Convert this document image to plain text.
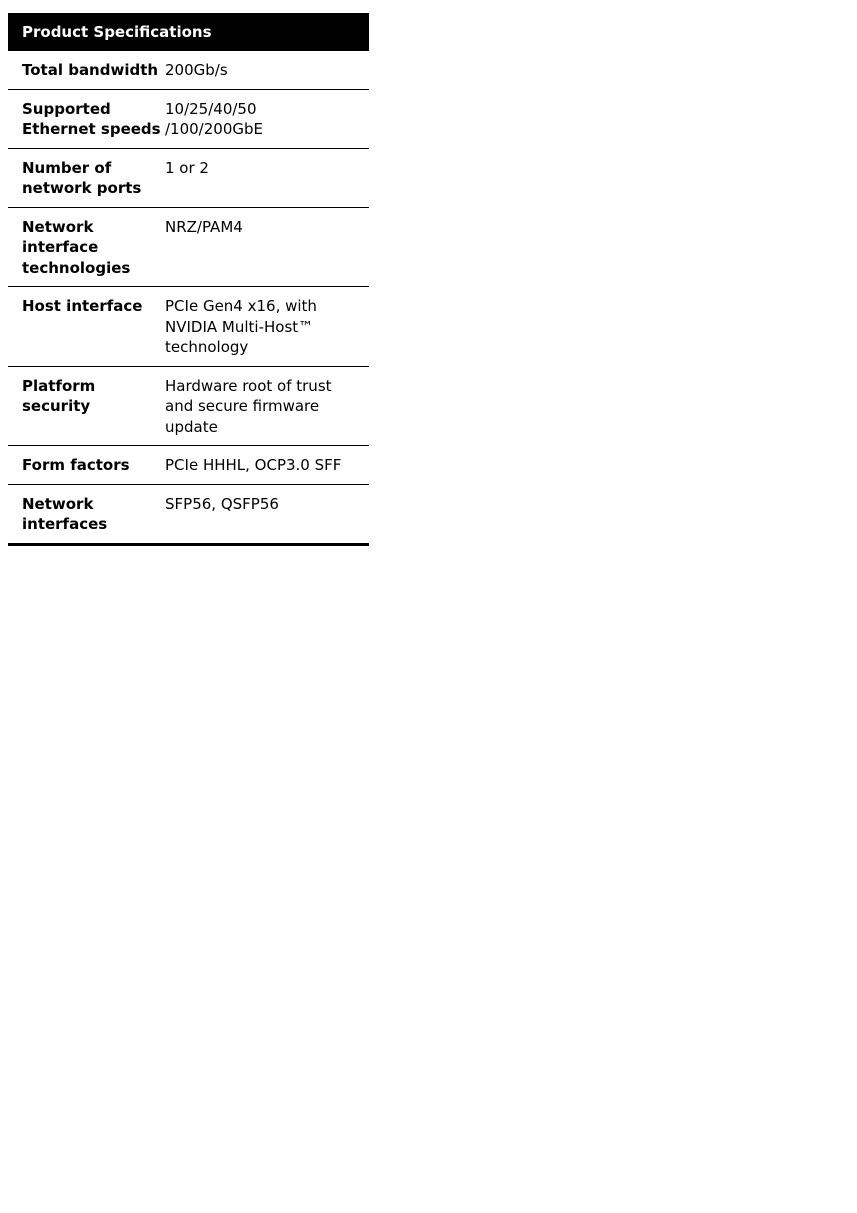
Product Specifications
Total bandwidth 200Gb/s
Supported
Ethernet speeds
10/25/40/50
/100/200GbE
Number of
network ports
1 or 2
Network
interface
technologies
NRZ/PAM4
Host interface	PCIe Gen4 x16, with
NVIDIA Multi-Host™
technology
Platform security
Hardware root of trust
and secure firmware
update
Form factors	PCIe HHHL, OCP3.0 SFF
Network
interfaces
SFP56, QSFP56
